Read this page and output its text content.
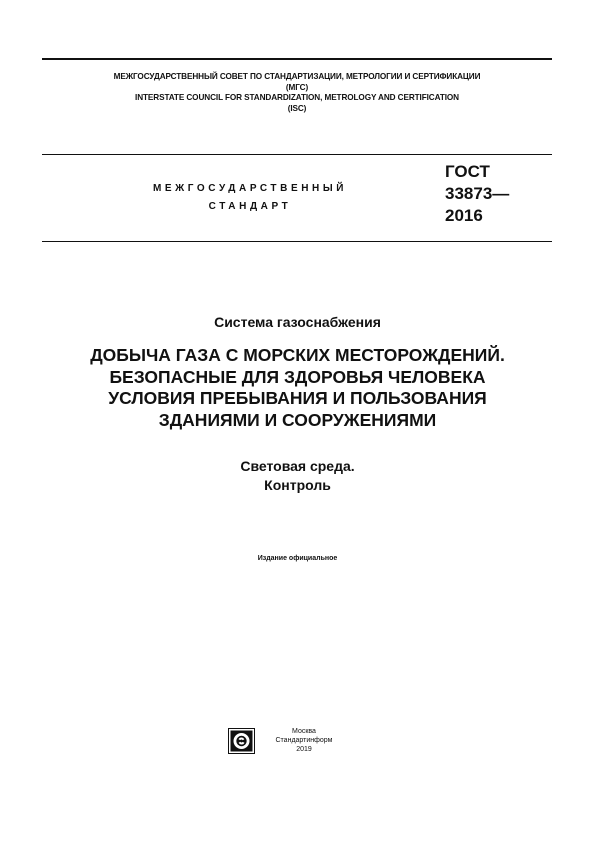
МЕЖГОСУДАРСТВЕННЫЙ СОВЕТ ПО СТАНДАРТИЗАЦИИ, МЕТРОЛОГИИ И СЕРТИФИКАЦИИ
(МГС)
INTERSTATE COUNCIL FOR STANDARDIZATION, METROLOGY AND CERTIFICATION
(ISC)
МЕЖГОСУДАРСТВЕННЫЙ
СТАНДАРТ
ГОСТ
33873—
2016
Система газоснабжения
ДОБЫЧА ГАЗА С МОРСКИХ МЕСТОРОЖДЕНИЙ.
БЕЗОПАСНЫЕ ДЛЯ ЗДОРОВЬЯ ЧЕЛОВЕКА
УСЛОВИЯ ПРЕБЫВАНИЯ И ПОЛЬЗОВАНИЯ
ЗДАНИЯМИ И СООРУЖЕНИЯМИ
Световая среда.
Контроль
Издание официальное
Москва
Стандартинформ
2019
